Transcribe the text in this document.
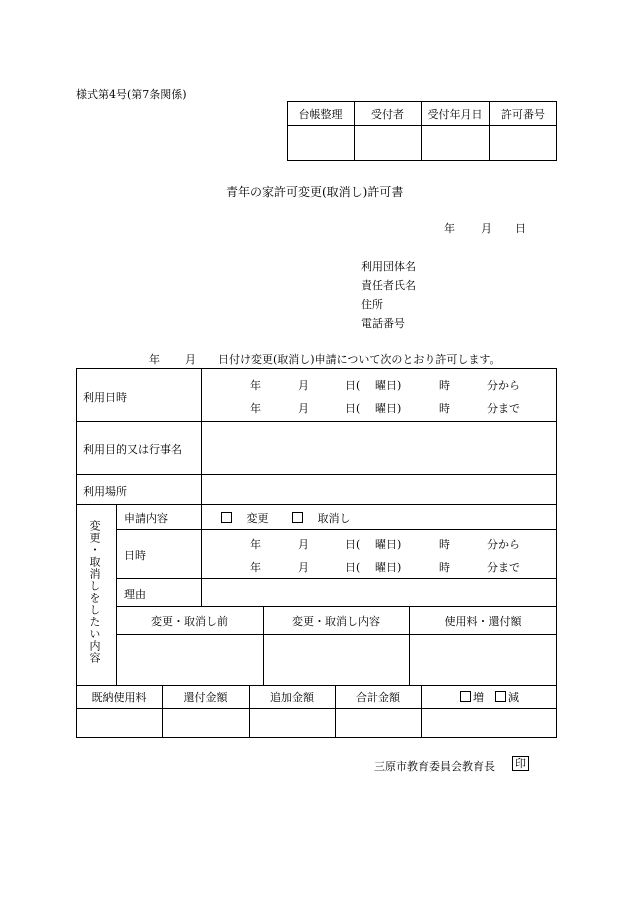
様式第4号(第7条関係)
台帳整理	受付者	受付年月日	許可番号
青年の家許可変更(取消し)許可書
年 月 日
利用団体名
責任者氏名
住所
電話番号
年 月 日付け変更(取消し)申請について次のとおり許可します。
利用日時
年	月	日( 曜日)	時	分から
年	月	日( 曜日)	時	分まで
利用目的又は行事名
利用場所
変更・取消しをしたい内容
申請内容	変更	取消し
日時
年	月	日( 曜日)	時	分から
年	月	日( 曜日)	時	分まで
理由
変更・取消し前	変更・取消し内容	使用料・還付額
既納使用料	還付金額	追加金額	合計金額	増	減
三原市教育委員会教育長 印
